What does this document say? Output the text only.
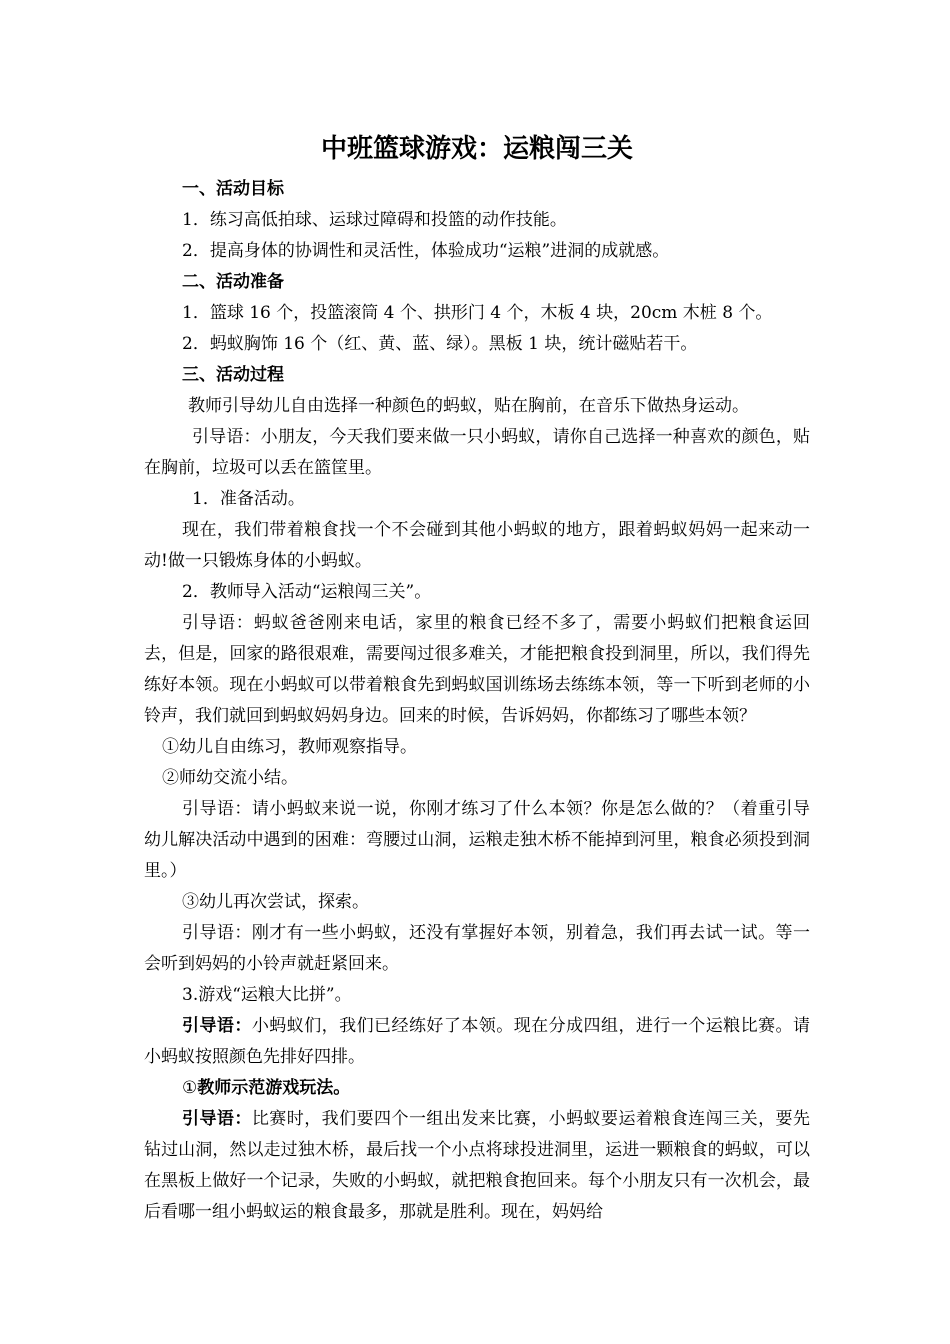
中班篮球游戏：运粮闯三关

一、活动目标

1．练习高低拍球、运球过障碍和投篮的动作技能。

2．提高身体的协调性和灵活性，体验成功“运粮”进洞的成就感。

二、活动准备

1．篮球 16 个，投篮滚筒 4 个、拱形门 4 个，木板 4 块，20cm 木桩 8 个。

2．蚂蚁胸饰 16 个（红、黄、蓝、绿）。黑板 1 块，统计磁贴若干。

三、活动过程

教师引导幼儿自由选择一种颜色的蚂蚁，贴在胸前，在音乐下做热身运动。

引导语：小朋友，今天我们要来做一只小蚂蚁，请你自己选择一种喜欢的颜色，贴在胸前，垃圾可以丢在篮筐里。

1．准备活动。

现在，我们带着粮食找一个不会碰到其他小蚂蚁的地方，跟着蚂蚁妈妈一起来动一动!做一只锻炼身体的小蚂蚁。

2．教师导入活动“运粮闯三关”。

引导语：蚂蚁爸爸刚来电话，家里的粮食已经不多了，需要小蚂蚁们把粮食运回去，但是，回家的路很艰难，需要闯过很多难关，才能把粮食投到洞里，所以，我们得先练好本领。现在小蚂蚁可以带着粮食先到蚂蚁国训练场去练练本领，等一下听到老师的小铃声，我们就回到蚂蚁妈妈身边。回来的时候，告诉妈妈，你都练习了哪些本领？

①幼儿自由练习，教师观察指导。

②师幼交流小结。

引导语：请小蚂蚁来说一说，你刚才练习了什么本领？你是怎么做的？（着重引导幼儿解决活动中遇到的困难：弯腰过山洞，运粮走独木桥不能掉到河里，粮食必须投到洞里。）

③幼儿再次尝试，探索。

引导语：刚才有一些小蚂蚁，还没有掌握好本领，别着急，我们再去试一试。等一会听到妈妈的小铃声就赶紧回来。

3.游戏“运粮大比拼”。

引导语：小蚂蚁们，我们已经练好了本领。现在分成四组，进行一个运粮比赛。请小蚂蚁按照颜色先排好四排。

①教师示范游戏玩法。

引导语：比赛时，我们要四个一组出发来比赛，小蚂蚁要运着粮食连闯三关，要先钻过山洞，然以走过独木桥，最后找一个小点将球投进洞里，运进一颗粮食的蚂蚁，可以在黑板上做好一个记录，失败的小蚂蚁，就把粮食抱回来。每个小朋友只有一次机会，最后看哪一组小蚂蚁运的粮食最多，那就是胜利。现在，妈妈给
